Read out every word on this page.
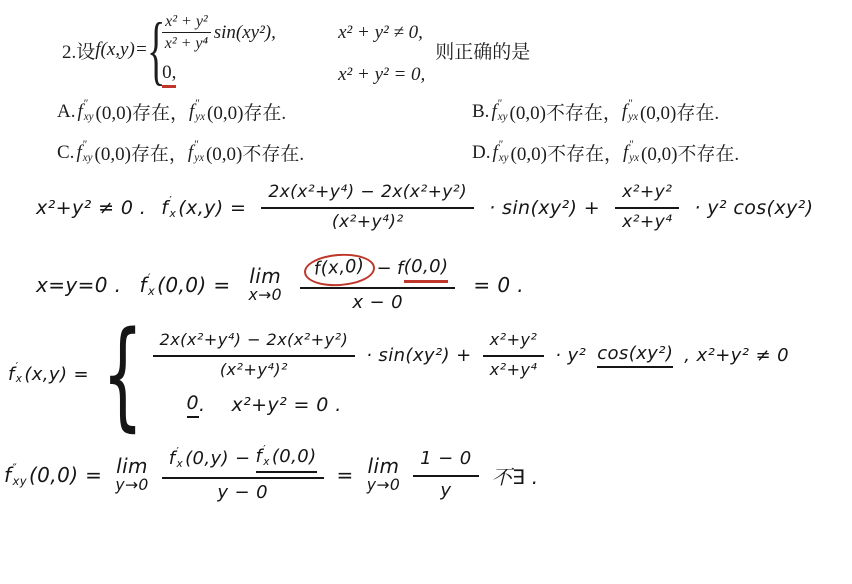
2.设 f(x,y)= {
$\frac{\text{x² + y²}}{\text{x² + y⁴}} \sin(xy^2)$,	x² + y² ≠ 0,
0,	x² + y² = 0,
则正确的是
A. f ″
xy (0,0)存在， f ″
yx (0,0)存在.	B. f ″
xy (0,0)不存在， f ″
yx (0,0)存在.
C. f ″
xy (0,0)存在， f ″
yx (0,0)不存在.	D. f ″
xy (0,0)不存在， f ″
yx (0,0)不存在.
x²+y² ≠ 0 . f ′
x $(x,y) = \frac{\text{2x(x²+y⁴) − 2x(x²+y²)}}{\text{(x²+y⁴)²}} \cdot \sin(xy^2) + \frac{\text{x²+y²}}{\text{x²+y⁴}} \cdot y^2$ cos(xy²)
x=y=0 . f ′
x (0,0) = lim
$x\to 0 \frac{f(x,0) - f (0,0)}{x - 0} = 0$ .
f ′
x (x,y) = { $\frac{\text{2x(x²+y⁴) − 2x(x²+y²)}}{\text{(x²+y⁴)²}} \cdot \sin(xy^2) + \frac{\text{x²+y²}}{\text{x²+y⁴}} \cdot y^2$ cos(xy²) , x²+y² ≠ 0
0 . x²+y² = 0 .
f ″
xy (0,0) = lim
y→0 f ′
x (0,y) − f ′
x (0,0)
y − 0 = lim
$y\to 0 \frac{1 - 0}{y}$ 不∃ .
